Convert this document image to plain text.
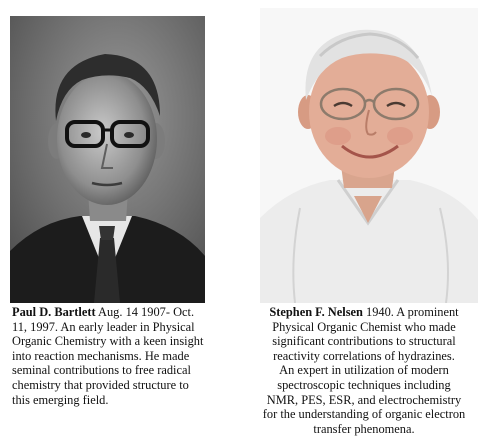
Paul D. Bartlett Aug. 14 1907- Oct.
11, 1997. An early leader in Physical
Organic Chemistry with a keen insight
into reaction mechanisms. He made
seminal contributions to free radical
chemistry that provided structure to
this emerging field.
Stephen F. Nelsen 1940. A prominent
Physical Organic Chemist who made
significant contributions to structural
reactivity correlations of hydrazines.
An expert in utilization of modern
spectroscopic techniques including
NMR, PES, ESR, and electrochemistry
for the understanding of organic electron
transfer phenomena.
